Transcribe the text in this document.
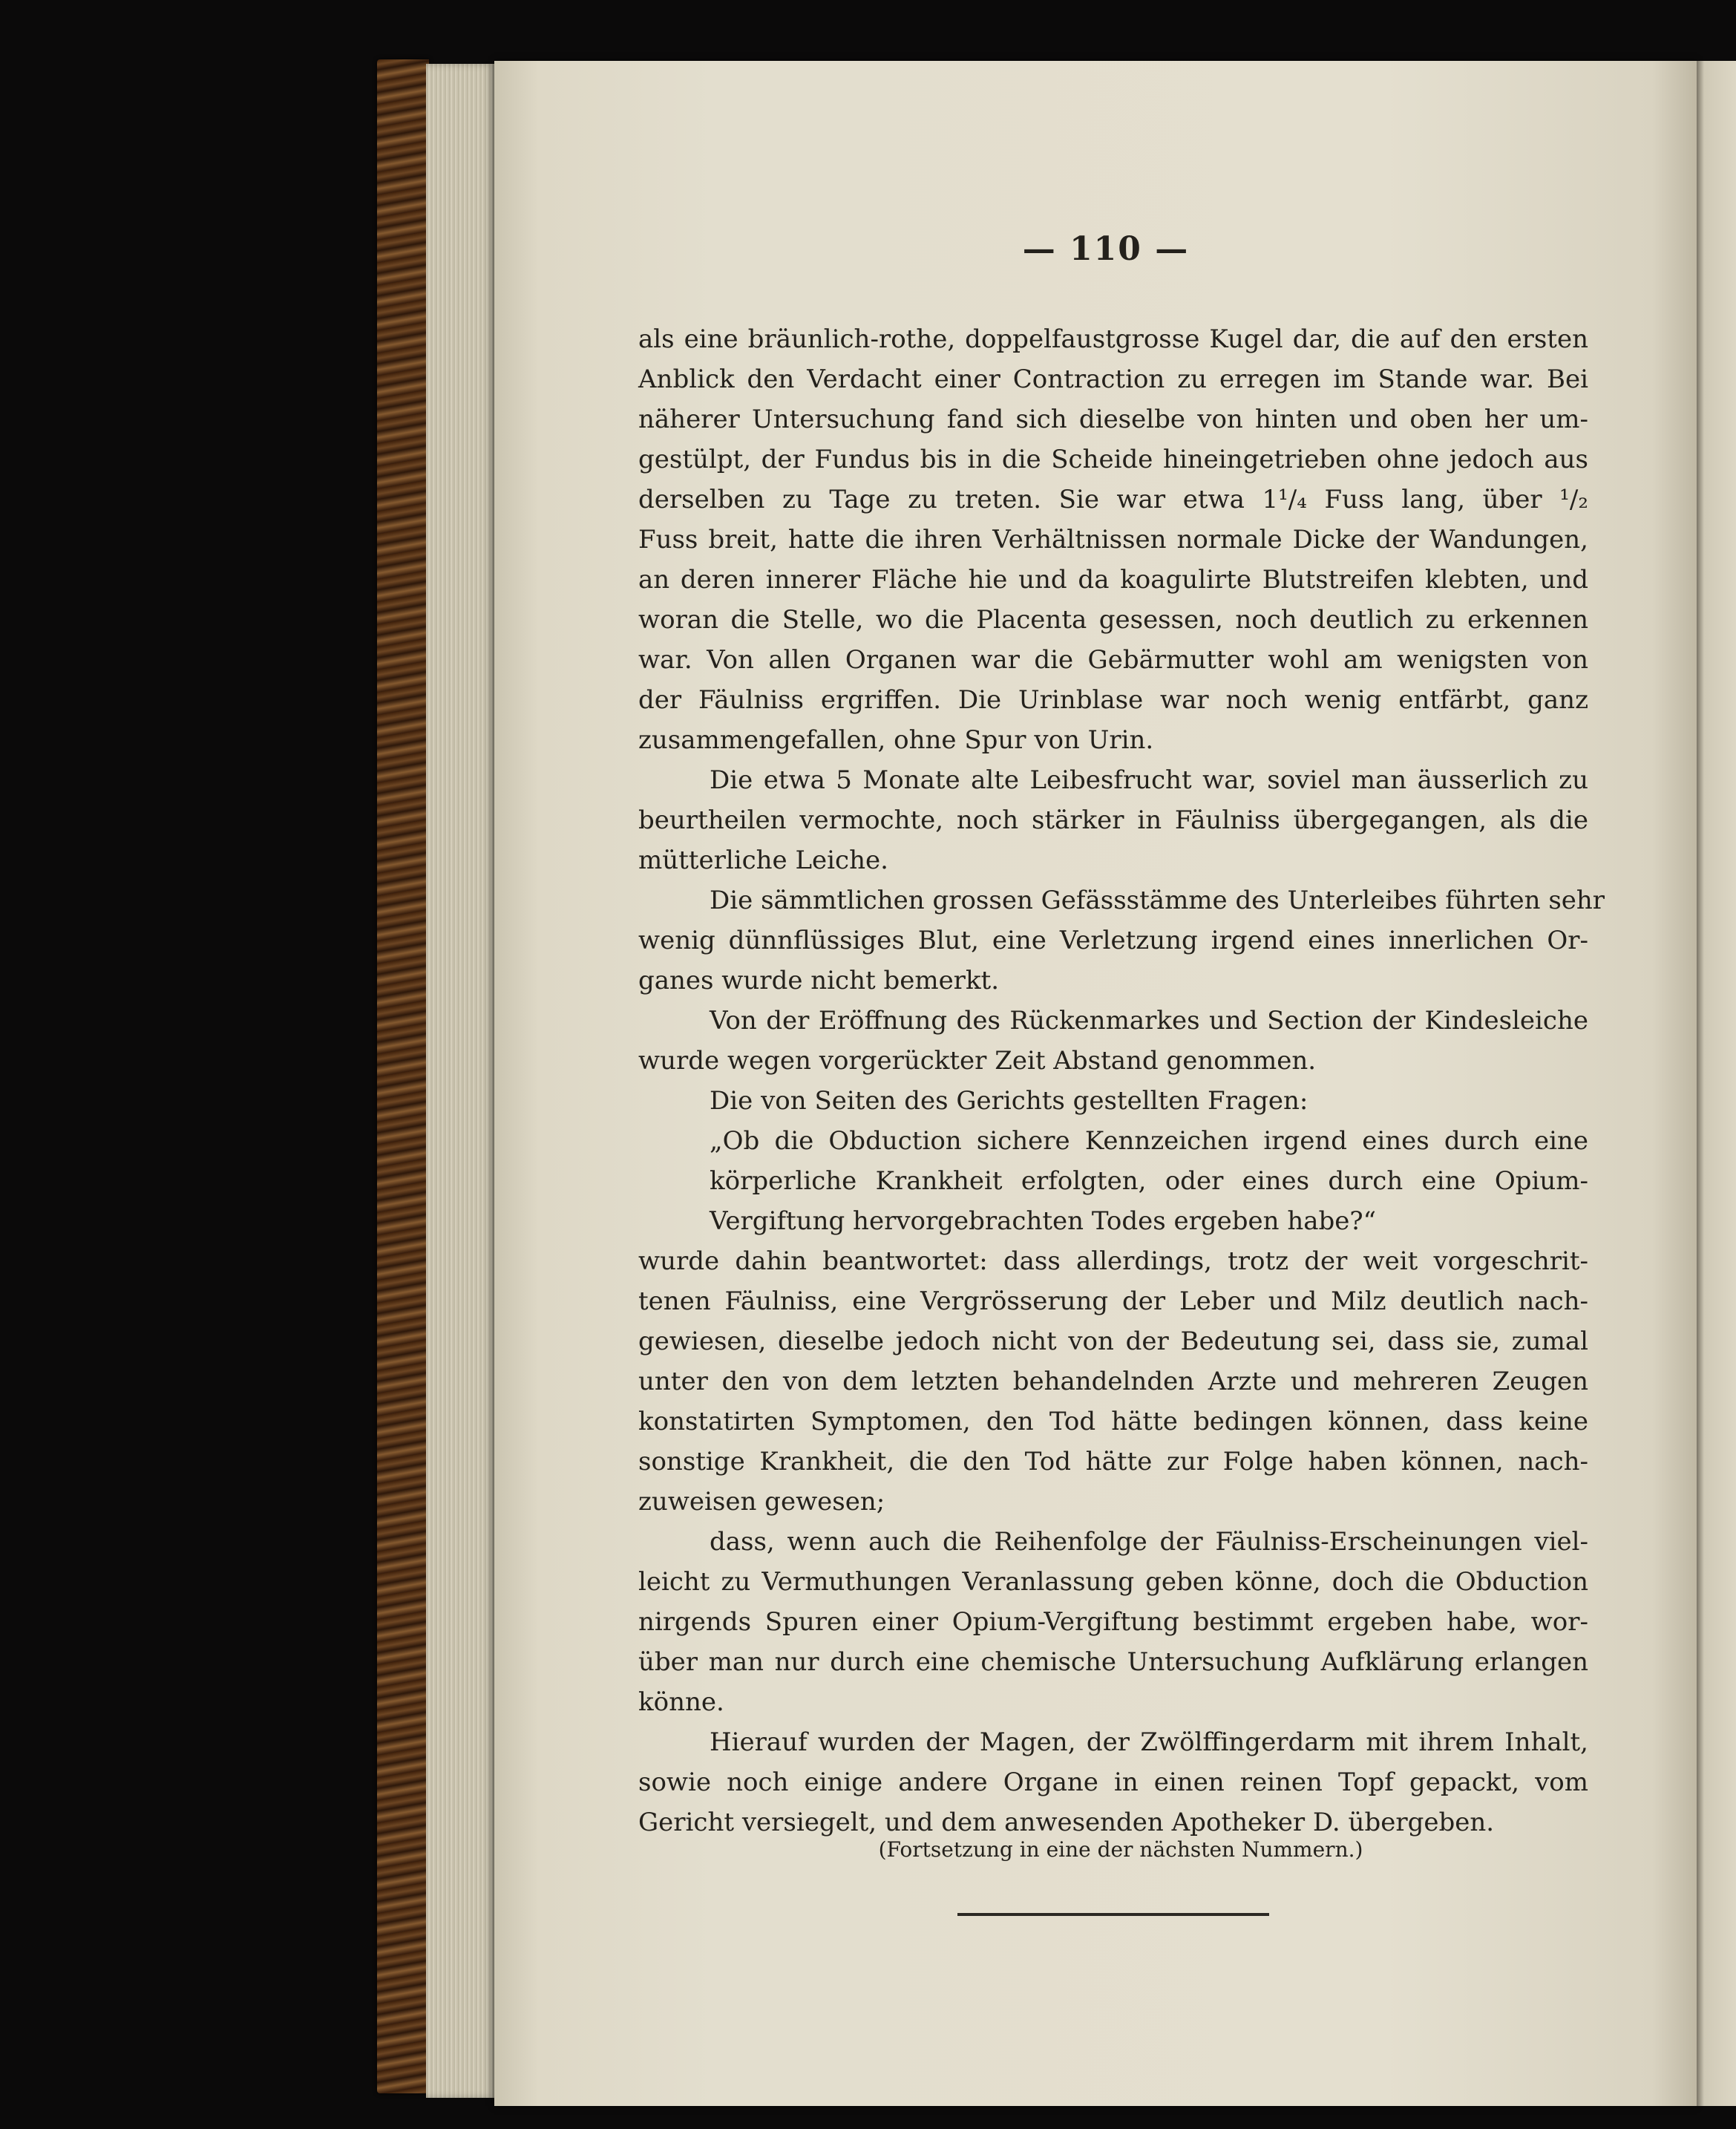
— 110 —
als eine bräunlich-rothe, doppelfaustgrosse Kugel dar, die auf den ersten
Anblick den Verdacht einer Contraction zu erregen im Stande war. Bei
näherer Untersuchung fand sich dieselbe von hinten und oben her um-
gestülpt, der Fundus bis in die Scheide hineingetrieben ohne jedoch aus
derselben zu Tage zu treten. Sie war etwa 1¹/₄ Fuss lang, über ¹/₂
Fuss breit, hatte die ihren Verhältnissen normale Dicke der Wandungen,
an deren innerer Fläche hie und da koagulirte Blutstreifen klebten, und
woran die Stelle, wo die Placenta gesessen, noch deutlich zu erkennen
war. Von allen Organen war die Gebärmutter wohl am wenigsten von
der Fäulniss ergriffen. Die Urinblase war noch wenig entfärbt, ganz
zusammengefallen, ohne Spur von Urin.
Die etwa 5 Monate alte Leibesfrucht war, soviel man äusserlich zu
beurtheilen vermochte, noch stärker in Fäulniss übergegangen, als die
mütterliche Leiche.
Die sämmtlichen grossen Gefässstämme des Unterleibes führten sehr
wenig dünnflüssiges Blut, eine Verletzung irgend eines innerlichen Or-
ganes wurde nicht bemerkt.
Von der Eröffnung des Rückenmarkes und Section der Kindesleiche
wurde wegen vorgerückter Zeit Abstand genommen.
Die von Seiten des Gerichts gestellten Fragen:
„Ob die Obduction sichere Kennzeichen irgend eines durch eine
körperliche Krankheit erfolgten, oder eines durch eine Opium-
Vergiftung hervorgebrachten Todes ergeben habe?“
wurde dahin beantwortet: dass allerdings, trotz der weit vorgeschrit-
tenen Fäulniss, eine Vergrösserung der Leber und Milz deutlich nach-
gewiesen, dieselbe jedoch nicht von der Bedeutung sei, dass sie, zumal
unter den von dem letzten behandelnden Arzte und mehreren Zeugen
konstatirten Symptomen, den Tod hätte bedingen können, dass keine
sonstige Krankheit, die den Tod hätte zur Folge haben können, nach-
zuweisen gewesen;
dass, wenn auch die Reihenfolge der Fäulniss-Erscheinungen viel-
leicht zu Vermuthungen Veranlassung geben könne, doch die Obduction
nirgends Spuren einer Opium-Vergiftung bestimmt ergeben habe, wor-
über man nur durch eine chemische Untersuchung Aufklärung erlangen
könne.
Hierauf wurden der Magen, der Zwölffingerdarm mit ihrem Inhalt,
sowie noch einige andere Organe in einen reinen Topf gepackt, vom
Gericht versiegelt, und dem anwesenden Apotheker D. übergeben.
(Fortsetzung in eine der nächsten Nummern.)
